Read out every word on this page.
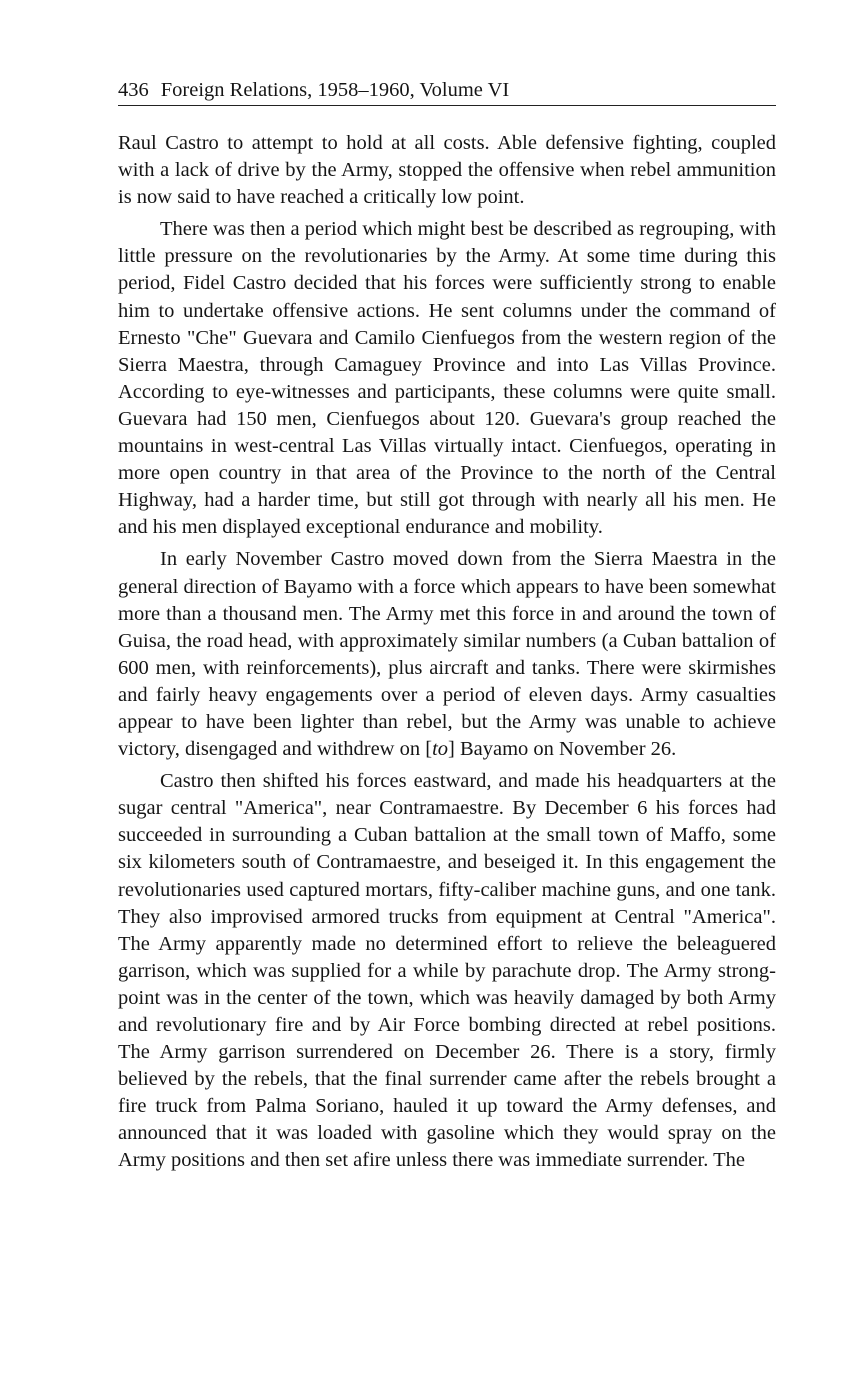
436 Foreign Relations, 1958–1960, Volume VI

Raul Castro to attempt to hold at all costs. Able defensive fighting, coupled with a lack of drive by the Army, stopped the offensive when rebel ammunition is now said to have reached a critically low point.

There was then a period which might best be described as regrouping, with little pressure on the revolutionaries by the Army. At some time during this period, Fidel Castro decided that his forces were sufficiently strong to enable him to undertake offensive actions. He sent columns under the command of Ernesto "Che" Guevara and Camilo Cienfuegos from the western region of the Sierra Maestra, through Camaguey Province and into Las Villas Province. According to eye-witnesses and participants, these columns were quite small. Guevara had 150 men, Cienfuegos about 120. Guevara's group reached the mountains in west-central Las Villas virtually intact. Cienfuegos, operating in more open country in that area of the Province to the north of the Central Highway, had a harder time, but still got through with nearly all his men. He and his men displayed exceptional endurance and mobility.

In early November Castro moved down from the Sierra Maestra in the general direction of Bayamo with a force which appears to have been somewhat more than a thousand men. The Army met this force in and around the town of Guisa, the road head, with approximately similar numbers (a Cuban battalion of 600 men, with reinforcements), plus aircraft and tanks. There were skirmishes and fairly heavy engagements over a period of eleven days. Army casualties appear to have been lighter than rebel, but the Army was unable to achieve victory, disengaged and withdrew on [to] Bayamo on November 26.

Castro then shifted his forces eastward, and made his headquarters at the sugar central "America", near Contramaestre. By December 6 his forces had succeeded in surrounding a Cuban battalion at the small town of Maffo, some six kilometers south of Contramaestre, and beseiged it. In this engagement the revolutionaries used captured mortars, fifty-caliber machine guns, and one tank. They also improvised armored trucks from equipment at Central "America". The Army apparently made no determined effort to relieve the beleaguered garrison, which was supplied for a while by parachute drop. The Army strong-point was in the center of the town, which was heavily damaged by both Army and revolutionary fire and by Air Force bombing directed at rebel positions. The Army garrison surrendered on December 26. There is a story, firmly believed by the rebels, that the final surrender came after the rebels brought a fire truck from Palma Soriano, hauled it up toward the Army defenses, and announced that it was loaded with gasoline which they would spray on the Army positions and then set afire unless there was immediate surrender. The
